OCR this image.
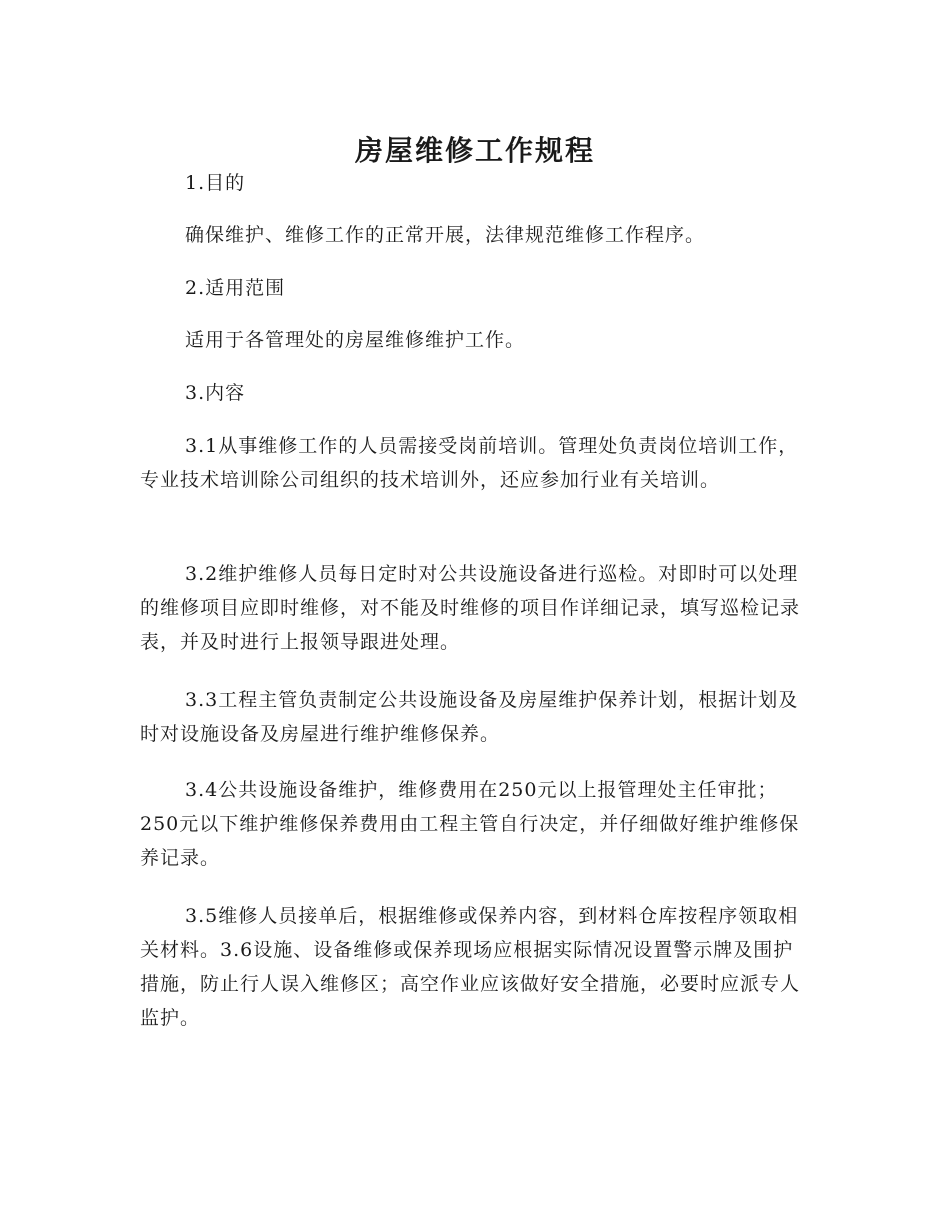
房屋维修工作规程

1.目的

确保维护、维修工作的正常开展，法律规范维修工作程序。

2.适用范围

适用于各管理处的房屋维修维护工作。

3.内容

3.1从事维修工作的人员需接受岗前培训。管理处负责岗位培训工作，专业技术培训除公司组织的技术培训外，还应参加行业有关培训。

3.2维护维修人员每日定时对公共设施设备进行巡检。对即时可以处理的维修项目应即时维修，对不能及时维修的项目作详细记录，填写巡检记录表，并及时进行上报领导跟进处理。

3.3工程主管负责制定公共设施设备及房屋维护保养计划，根据计划及时对设施设备及房屋进行维护维修保养。

3.4公共设施设备维护，维修费用在250元以上报管理处主任审批；250元以下维护维修保养费用由工程主管自行决定，并仔细做好维护维修保养记录。

3.5维修人员接单后，根据维修或保养内容，到材料仓库按程序领取相关材料。3.6设施、设备维修或保养现场应根据实际情况设置警示牌及围护措施，防止行人误入维修区；高空作业应该做好安全措施，必要时应派专人监护。
